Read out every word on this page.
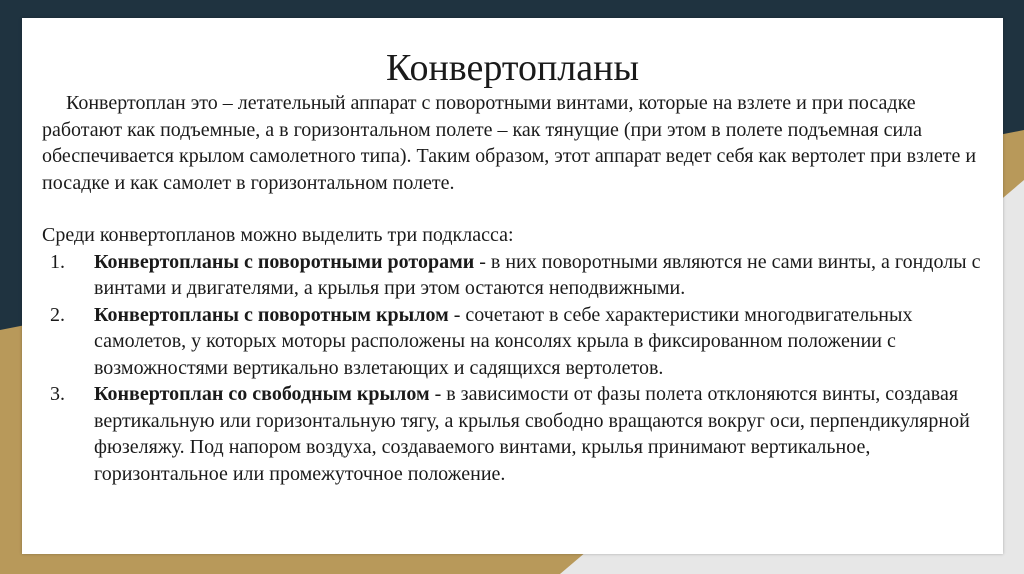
Конвертопланы

Конвертоплан это – летательный аппарат с поворотными винтами, которые на взлете и при посадке работают как подъемные, а в горизонтальном полете – как тянущие (при этом в полете подъемная сила обеспечивается крылом самолетного типа). Таким образом, этот аппарат ведет себя как вертолет при взлете и посадке и как самолет в горизонтальном полете.

Среди конвертопланов можно выделить три подкласса:

1. Конвертопланы с поворотными роторами - в них поворотными являются не сами винты, а гондолы с винтами и двигателями, а крылья при этом остаются неподвижными.
2. Конвертопланы с поворотным крылом - сочетают в себе характеристики многодвигательных самолетов, у которых моторы расположены на консолях крыла в фиксированном положении с возможностями вертикально взлетающих и садящихся вертолетов.
3. Конвертоплан со свободным крылом - в зависимости от фазы полета отклоняются винты, создавая вертикальную или горизонтальную тягу, а крылья свободно вращаются вокруг оси, перпендикулярной фюзеляжу. Под напором воздуха, создаваемого винтами, крылья принимают вертикальное, горизонтальное или промежуточное положение.
